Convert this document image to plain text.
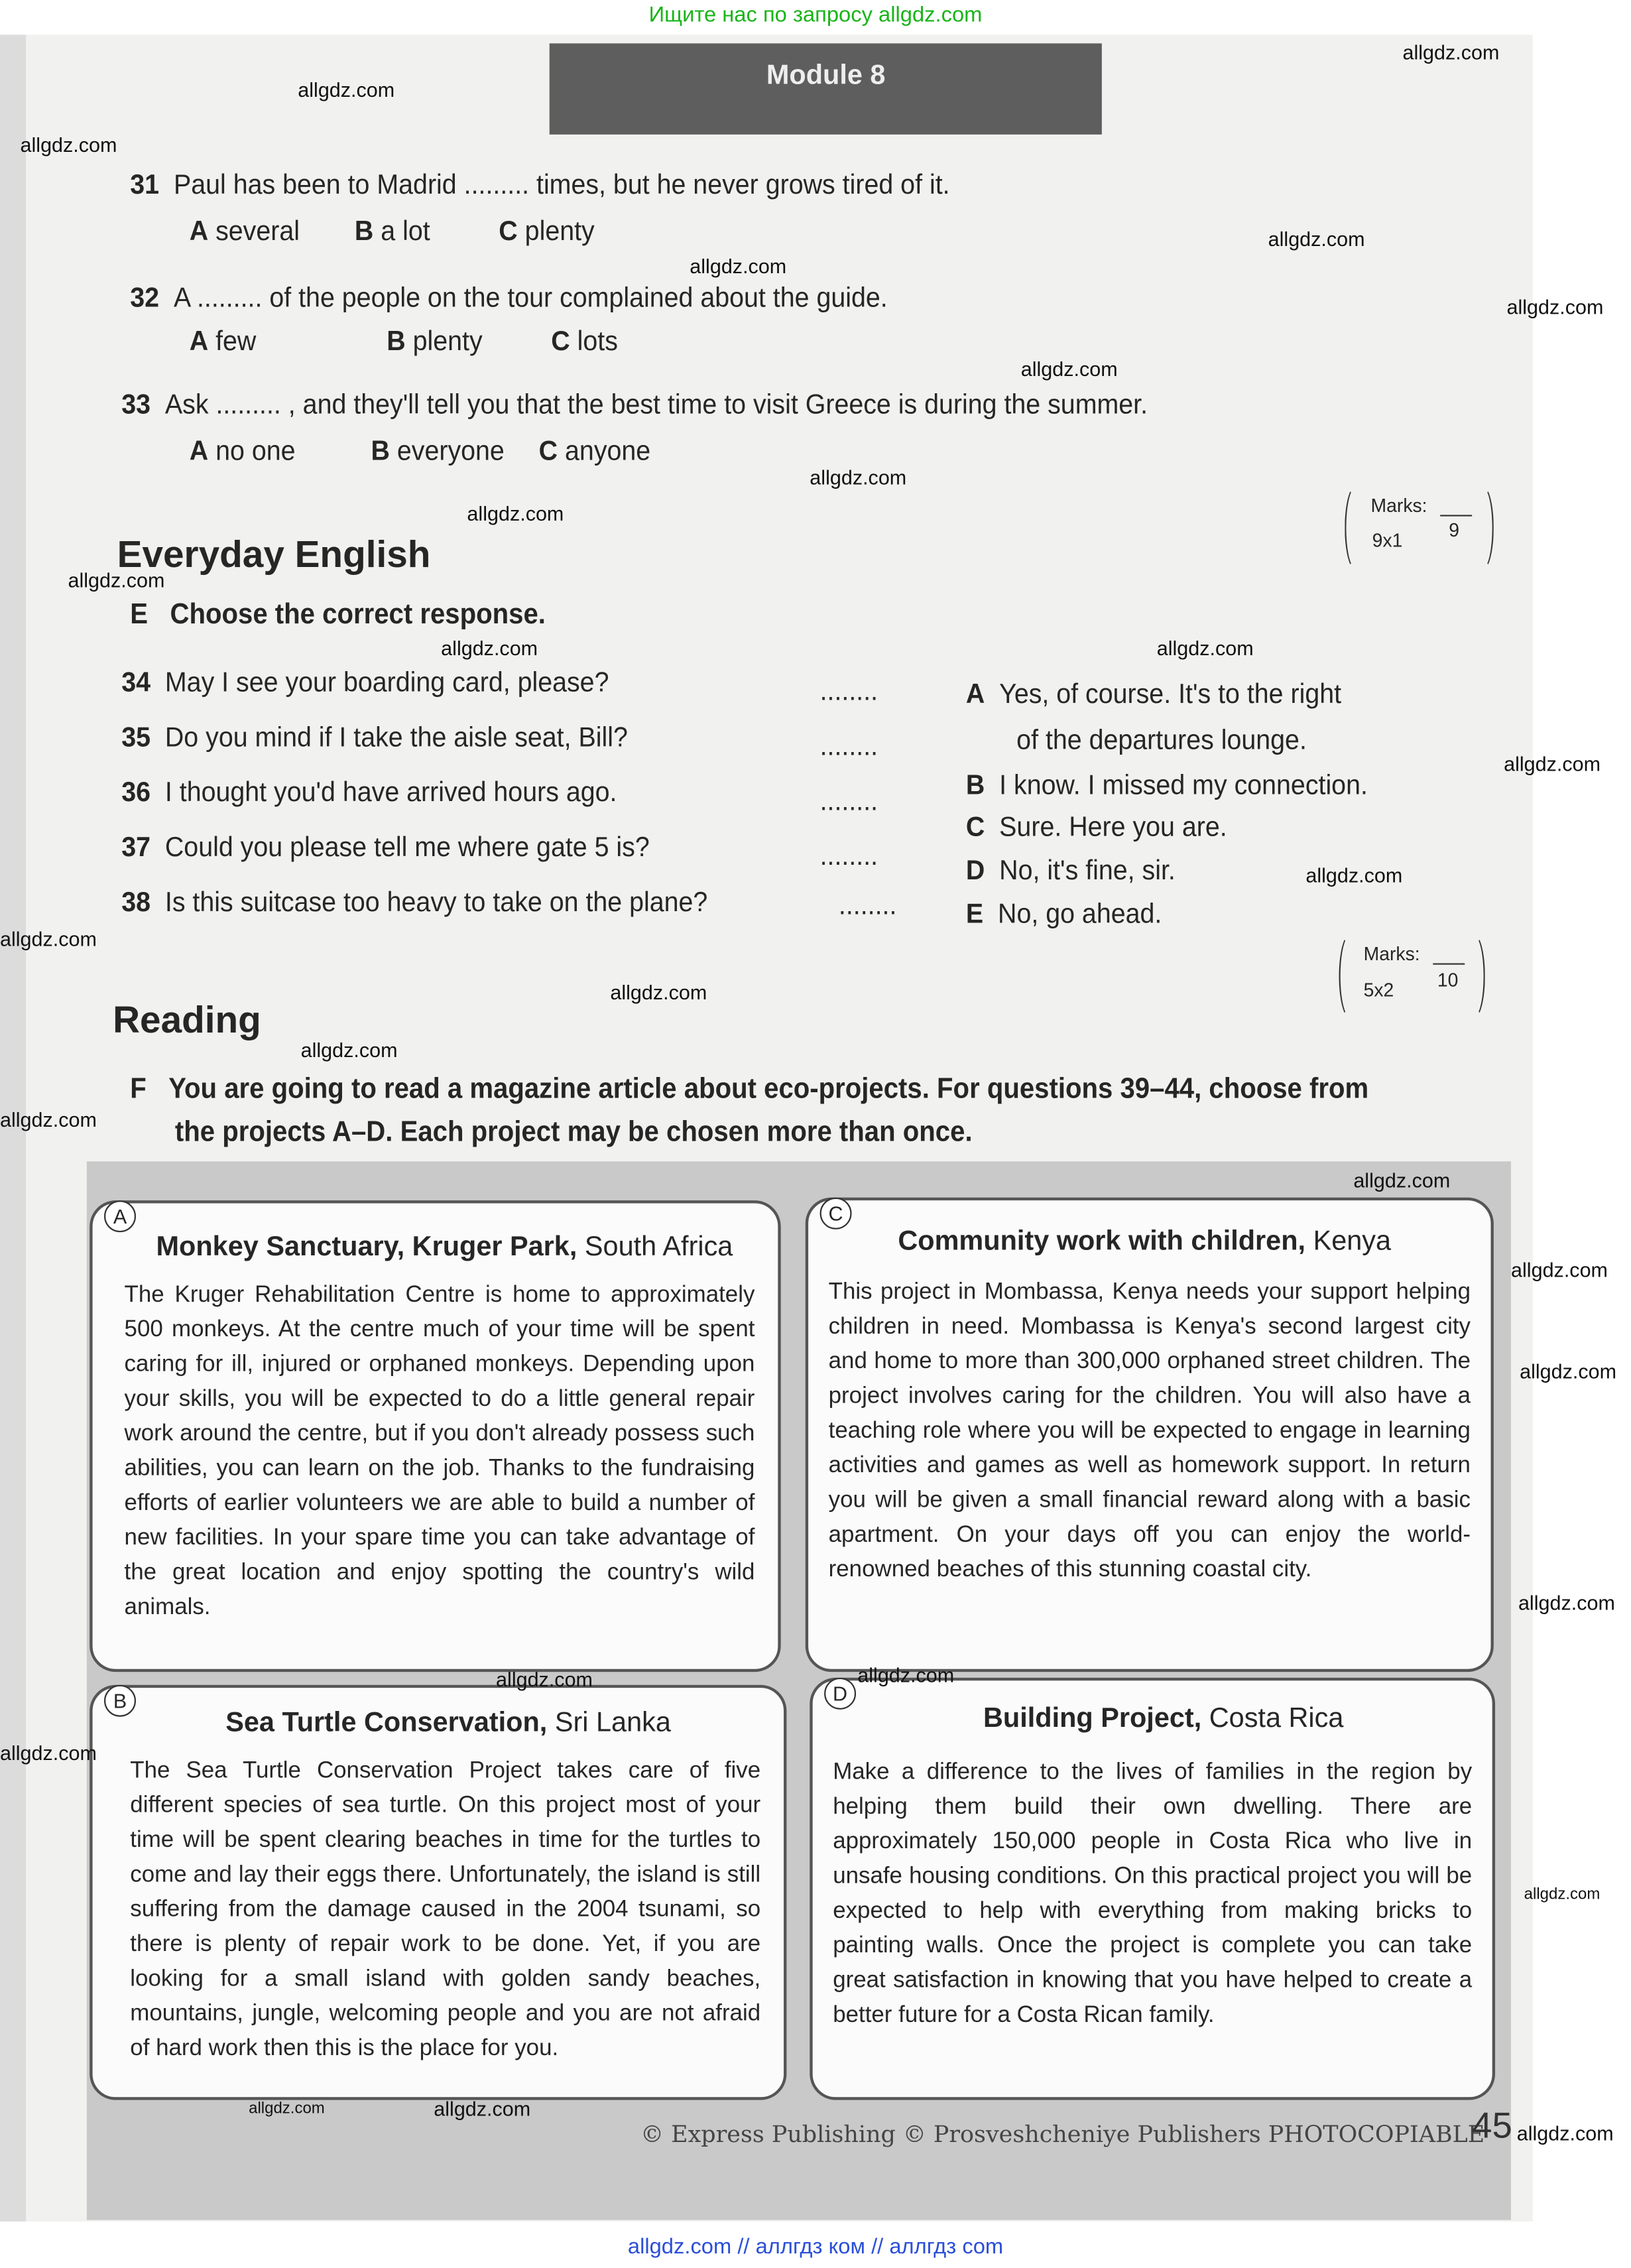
Ищите нас по запросу allgdz.com
Module 8
31 Paul has been to Madrid ......... times, but he never grows tired of it.
A several	B a lot	C plenty
32 A ......... of the people on the tour complained about the guide.
A few	B plenty	C lots
33 Ask ......... , and they'll tell you that the best time to visit Greece is during the summer.
A no one	B everyone	C anyone
Marks:
9x1	9
Everyday English
E Choose the correct response.
34 May I see your boarding card, please?	........
35 Do you mind if I take the aisle seat, Bill?	........
36 I thought you'd have arrived hours ago.	........
37 Could you please tell me where gate 5 is?	........
38 Is this suitcase too heavy to take on the plane?	........
A Yes, of course. It's to the right
of the departures lounge.
B I know. I missed my connection.
C Sure. Here you are.
D No, it's fine, sir.
E No, go ahead.
Marks:
5x2	10
Reading
F You are going to read a magazine article about eco-projects. For questions 39–44, choose from
the projects A–D. Each project may be chosen more than once.
A
Monkey Sanctuary, Kruger Park, South Africa
The Kruger Rehabilitation Centre is home to approximately 500 monkeys. At the centre much of your time will be spent caring for ill, injured or orphaned monkeys. Depending upon your skills, you will be expected to do a little general repair work around the centre, but if you don't already possess such abilities, you can learn on the job. Thanks to the fundraising efforts of earlier volunteers we are able to build a number of new facilities. In your spare time you can take advantage of the great location and enjoy spotting the country's wild animals.
C
Community work with children, Kenya
This project in Mombassa, Kenya needs your support helping children in need. Mombassa is Kenya's second largest city and home to more than 300,000 orphaned street children. The project involves caring for the children. You will also have a teaching role where you will be expected to engage in learning activities and games as well as homework support. In return you will be given a small financial reward along with a basic apartment. On your days off you can enjoy the world-renowned beaches of this stunning coastal city.
B
Sea Turtle Conservation, Sri Lanka
The Sea Turtle Conservation Project takes care of five different species of sea turtle. On this project most of your time will be spent clearing beaches in time for the turtles to come and lay their eggs there. Unfortunately, the island is still suffering from the damage caused in the 2004 tsunami, so there is plenty of repair work to be done. Yet, if you are looking for a small island with golden sandy beaches, mountains, jungle, welcoming people and you are not afraid of hard work then this is the place for you.
D
Building Project, Costa Rica
Make a difference to the lives of families in the region by helping them build their own dwelling. There are approximately 150,000 people in Costa Rica who live in unsafe housing conditions. On this practical project you will be expected to help with everything from making bricks to painting walls. Once the project is complete you can take great satisfaction in knowing that you have helped to create a better future for a Costa Rican family.
© Express Publishing © Prosveshcheniye Publishers PHOTOCOPIABLE
45
allgdz.com
allgdz.com
allgdz.com
allgdz.com
allgdz.com
allgdz.com
allgdz.com
allgdz.com
allgdz.com
allgdz.com
allgdz.com
allgdz.com
allgdz.com
allgdz.com
allgdz.com
allgdz.com
allgdz.com
allgdz.com
allgdz.com
allgdz.com
allgdz.com
allgdz.com
allgdz.com	allgdz.com
allgdz.com
allgdz.com
allgdz.com
allgdz.com
allgdz.com
allgdz.com // аллгдз ком // аллгдз com
